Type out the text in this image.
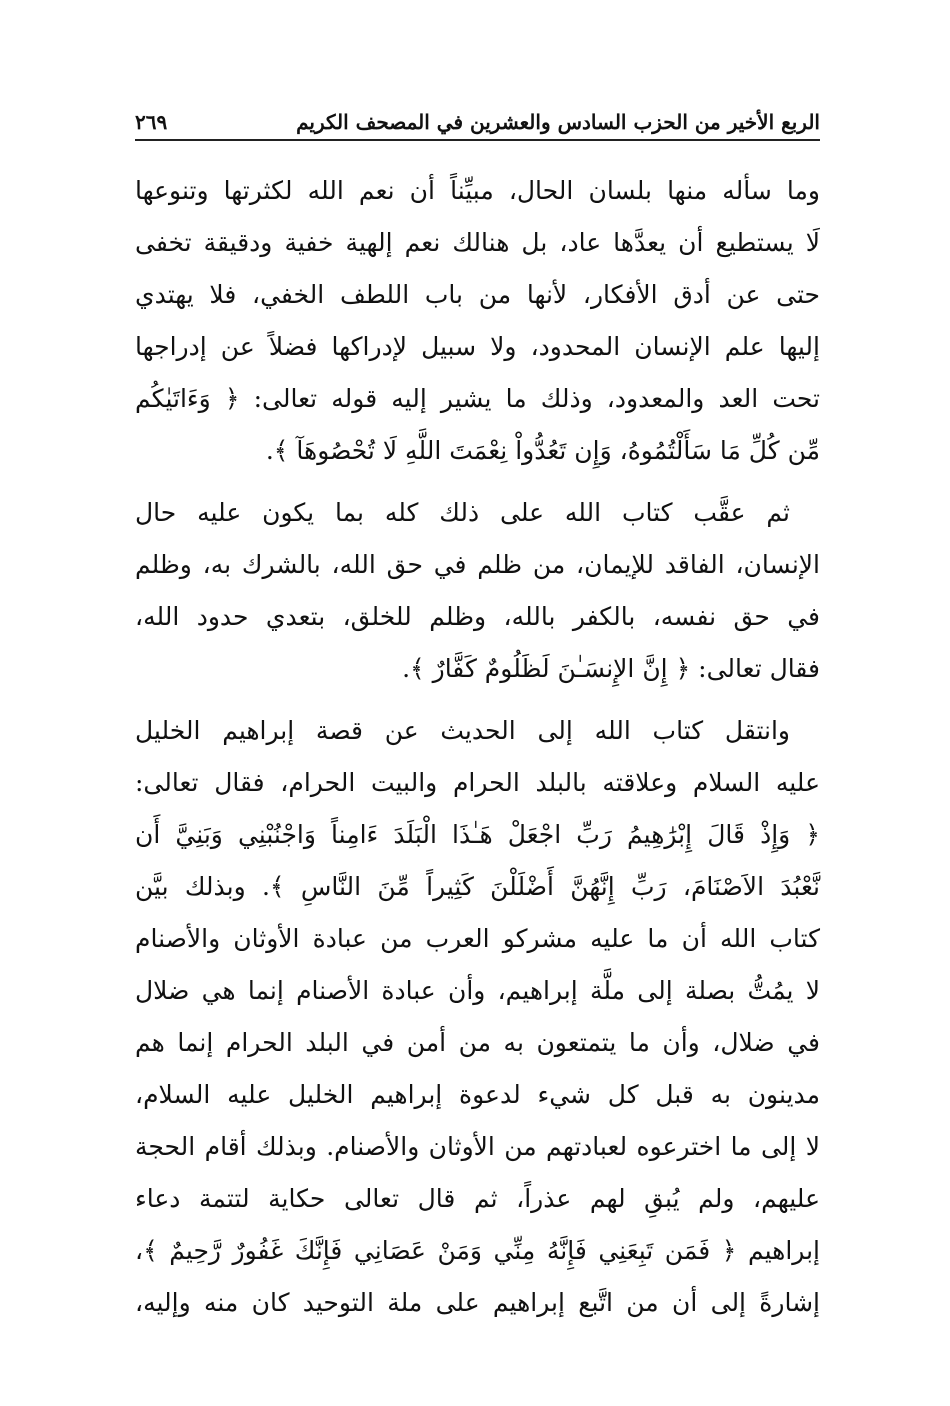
الربع الأخير من الحزب السادس والعشرين في المصحف الكريم
٢٦٩
وما سأله منها بلسان الحال، مبيِّناً أن نعم الله لكثرتها وتنوعها
لَا يستطيع أن يعدَّها عاد، بل هنالك نعم إلهية خفية ودقيقة تخفى
حتى عن أدق الأفكار، لأنها من باب اللطف الخفي، فلا يهتدي
إليها علم الإنسان المحدود، ولا سبيل لإدراكها فضلاً عن إدراجها
تحت العد والمعدود، وذلك ما يشير إليه قوله تعالى: ﴿ وَءَاتَيٰكُم
مِّن كُلِّ مَا سَأَلْتُمُوهُ، وَإِن تَعُدُّواْ نِعْمَتَ اللَّهِ لَا تُحْصُوهَآ ﴾.
ثم عقَّب كتاب الله على ذلك كله بما يكون عليه حال
الإنسان، الفاقد للإيمان، من ظلم في حق الله، بالشرك به، وظلم
في حق نفسه، بالكفر بالله، وظلم للخلق، بتعدي حدود الله،
فقال تعالى: ﴿ إِنَّ الإِنسَـٰنَ لَظَلُومٌ كَفَّارٌ ﴾.
وانتقل كتاب الله إلى الحديث عن قصة إبراهيم الخليل
عليه السلام وعلاقته بالبلد الحرام والبيت الحرام، فقال تعالى:
﴿ وَإِذْ قَالَ إِبْرَٰهِيمُ رَبِّ اجْعَلْ هَـٰذَا الْبَلَدَ ءَامِناً وَاجْنُبْنِي وَبَنِيَّ أَن
نَّعْبُدَ الاَصْنَامَ، رَبِّ إِنَّهُنَّ أَضْلَلْنَ كَثِيراً مِّنَ النَّاسِ ﴾. وبذلك بيَّن
كتاب الله أن ما عليه مشركو العرب من عبادة الأوثان والأصنام
لا يمُتُّ بصلة إلى ملَّة إبراهيم، وأن عبادة الأصنام إنما هي ضلال
في ضلال، وأن ما يتمتعون به من أمن في البلد الحرام إنما هم
مدينون به قبل كل شيء لدعوة إبراهيم الخليل عليه السلام،
لا إلى ما اخترعوه لعبادتهم من الأوثان والأصنام. وبذلك أقام الحجة
عليهم، ولم يُبقِ لهم عذراً، ثم قال تعالى حكاية لتتمة دعاء
إبراهيم ﴿ فَمَن تَبِعَنِي فَإِنَّهُ مِنِّي وَمَنْ عَصَانِي فَإِنَّكَ غَفُورٌ رَّحِيمٌ ﴾،
إشارةً إلى أن من اتَّبع إبراهيم على ملة التوحيد كان منه وإليه،
